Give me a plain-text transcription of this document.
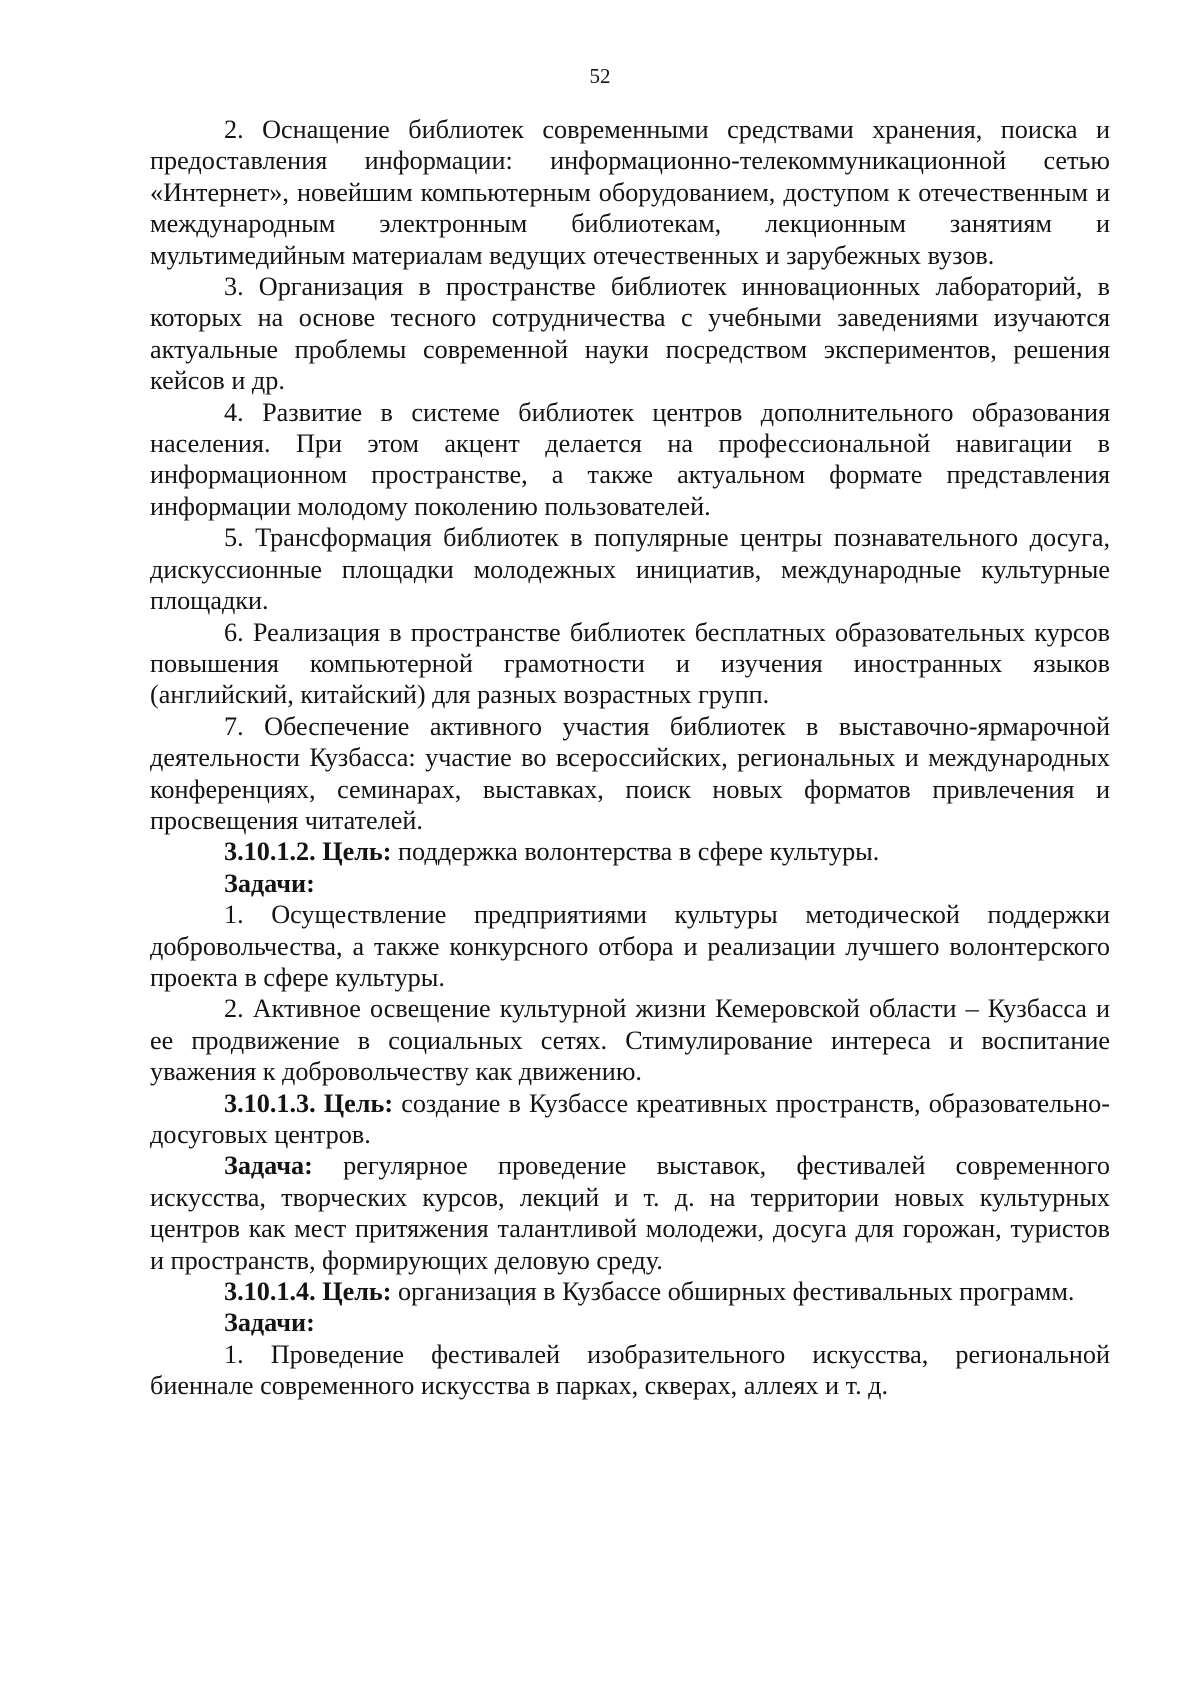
52

2. Оснащение библиотек современными средствами хранения, поиска и предоставления информации: информационно-телекоммуникационной сетью «Интернет», новейшим компьютерным оборудованием, доступом к отечественным и международным электронным библиотекам, лекционным занятиям и мультимедийным материалам ведущих отечественных и зарубежных вузов.

3. Организация в пространстве библиотек инновационных лабораторий, в которых на основе тесного сотрудничества с учебными заведениями изучаются актуальные проблемы современной науки посредством экспериментов, решения кейсов и др.

4. Развитие в системе библиотек центров дополнительного образования населения. При этом акцент делается на профессиональной навигации в информационном пространстве, а также актуальном формате представления информации молодому поколению пользователей.

5. Трансформация библиотек в популярные центры познавательного досуга, дискуссионные площадки молодежных инициатив, международные культурные площадки.

6. Реализация в пространстве библиотек бесплатных образовательных курсов повышения компьютерной грамотности и изучения иностранных языков (английский, китайский) для разных возрастных групп.

7. Обеспечение активного участия библиотек в выставочно-ярмарочной деятельности Кузбасса: участие во всероссийских, региональных и международных конференциях, семинарах, выставках, поиск новых форматов привлечения и просвещения читателей.

3.10.1.2. Цель: поддержка волонтерства в сфере культуры.

Задачи:

1. Осуществление предприятиями культуры методической поддержки добровольчества, а также конкурсного отбора и реализации лучшего волонтерского проекта в сфере культуры.

2. Активное освещение культурной жизни Кемеровской области – Кузбасса и ее продвижение в социальных сетях. Стимулирование интереса и воспитание уважения к добровольчеству как движению.

3.10.1.3. Цель: создание в Кузбассе креативных пространств, образовательно-досуговых центров.

Задача: регулярное проведение выставок, фестивалей современного искусства, творческих курсов, лекций и т. д. на территории новых культурных центров как мест притяжения талантливой молодежи, досуга для горожан, туристов и пространств, формирующих деловую среду.

3.10.1.4. Цель: организация в Кузбассе обширных фестивальных программ.

Задачи:

1. Проведение фестивалей изобразительного искусства, региональной биеннале современного искусства в парках, скверах, аллеях и т. д.
